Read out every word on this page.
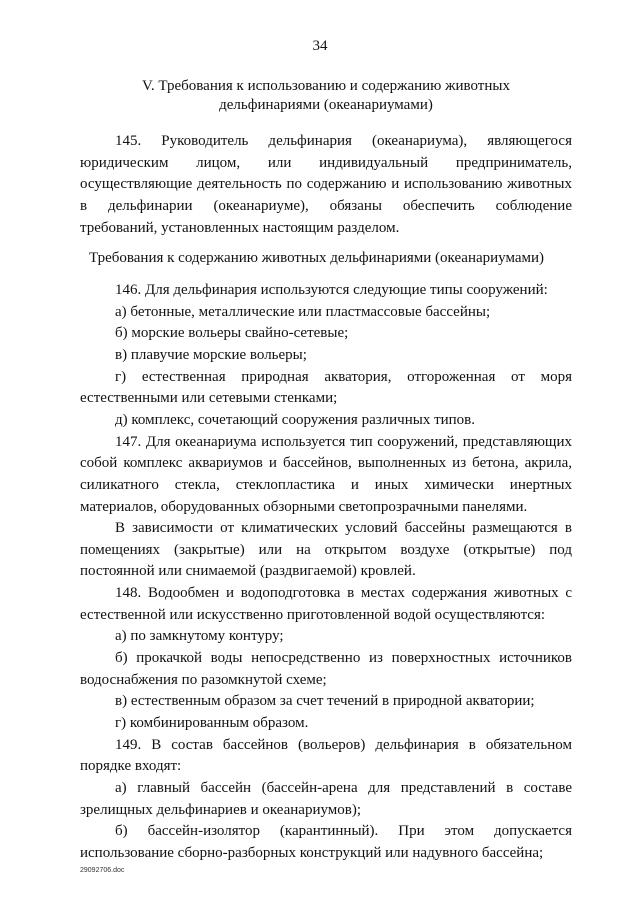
34
V. Требования к использованию и содержанию животных
дельфинариями (океанариумами)
145. Руководитель дельфинария (океанариума), являющегося юридическим лицом, или индивидуальный предприниматель, осуществляющие деятельность по содержанию и использованию животных в дельфинарии (океанариуме), обязаны обеспечить соблюдение
требований, установленных настоящим разделом.
Требования к содержанию животных дельфинариями (океанариумами)
146. Для дельфинария используются следующие типы сооружений:
а) бетонные, металлические или пластмассовые бассейны;
б) морские вольеры свайно-сетевые;
в) плавучие морские вольеры;
г) естественная природная акватория, отгороженная от моря естественными или сетевыми стенками;
д) комплекс, сочетающий сооружения различных типов.
147. Для океанариума используется тип сооружений, представляющих собой комплекс аквариумов и бассейнов, выполненных из бетона, акрила, силикатного стекла, стеклопластика и иных химически инертных материалов, оборудованных обзорными светопрозрачными панелями.
В зависимости от климатических условий бассейны размещаются в помещениях (закрытые) или на открытом воздухе (открытые) под постоянной или снимаемой (раздвигаемой) кровлей.
148. Водообмен и водоподготовка в местах содержания животных с естественной или искусственно приготовленной водой осуществляются:
а) по замкнутому контуру;
б) прокачкой воды непосредственно из поверхностных источников водоснабжения по разомкнутой схеме;
в) естественным образом за счет течений в природной акватории;
г) комбинированным образом.
149. В состав бассейнов (вольеров) дельфинария в обязательном порядке входят:
а) главный бассейн (бассейн-арена для представлений в составе зрелищных дельфинариев и океанариумов);
б) бассейн-изолятор (карантинный). При этом допускается использование сборно-разборных конструкций или надувного бассейна;
29092706.doc
